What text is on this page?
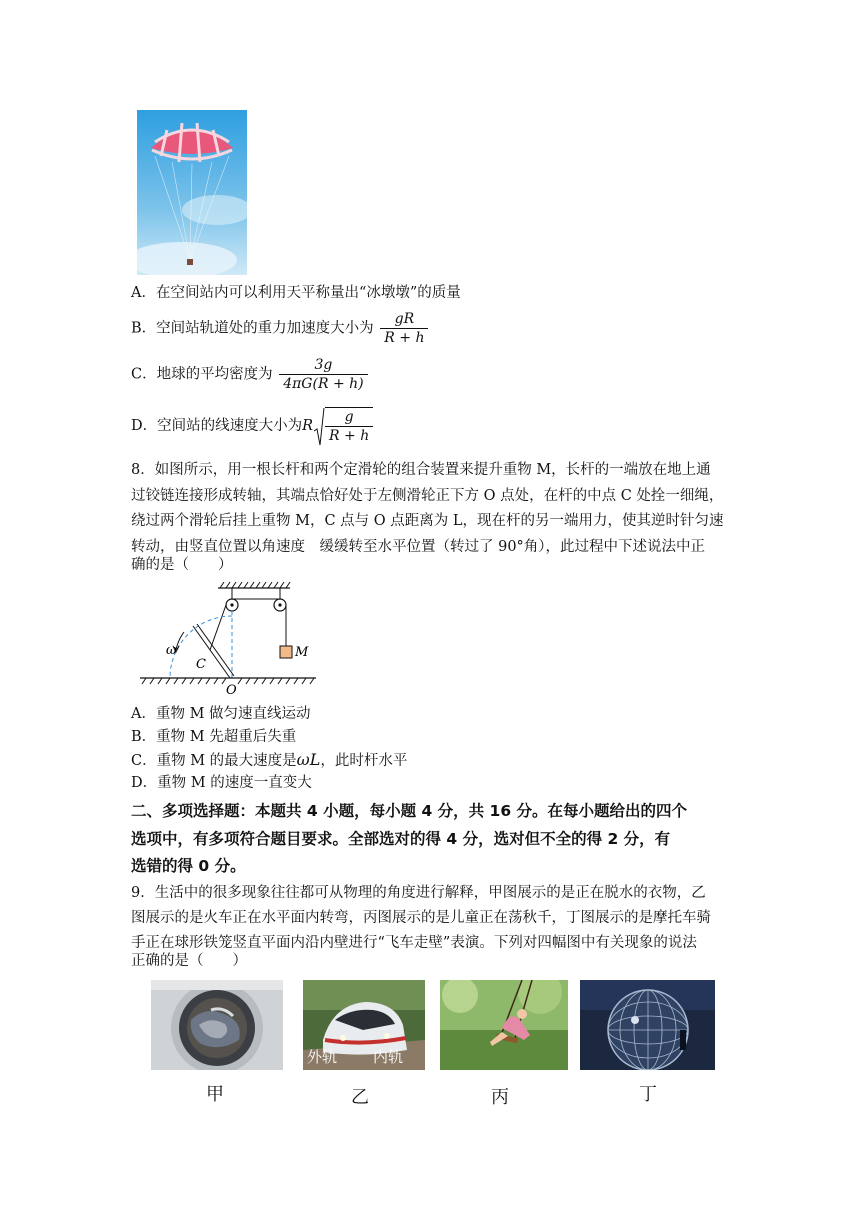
A．在空间站内可以利用天平称量出“冰墩墩”的质量
B．空间站轨道处的重力加速度大小为 $\frac{gR}{R + h}$
C．地球的平均密度为 $\frac{3g}{4\pi G(R + h)}$
D．空间站的线速度大小为R $\frac{g}{R + h}$
8．如图所示，用一根长杆和两个定滑轮的组合装置来提升重物 M，长杆的一端放在地上通
过铰链连接形成转轴，其端点恰好处于左侧滑轮正下方 O 点处，在杆的中点 C 处拴一细绳，
绕过两个滑轮后挂上重物 M，C 点与 O 点距离为 L，现在杆的另一端用力，使其逆时针匀速
转动，由竖直位置以角速度　缓缓转至水平位置（转过了 90°角），此过程中下述说法中正
确的是（　　）
ω
C
O
M
A．重物 M 做匀速直线运动
B．重物 M 先超重后失重
C．重物 M 的最大速度是ωL，此时杆水平
D．重物 M 的速度一直变大
二、多项选择题：本题共 4 小题，每小题 4 分，共 16 分。在每小题给出的四个
选项中，有多项符合题目要求。全部选对的得 4 分，选对但不全的得 2 分，有
选错的得 0 分。
9．生活中的很多现象往往都可从物理的角度进行解释，甲图展示的是正在脱水的衣物，乙
图展示的是火车正在水平面内转弯，丙图展示的是儿童正在荡秋千，丁图展示的是摩托车骑
手正在球形铁笼竖直平面内沿内壁进行“飞车走壁”表演。下列对四幅图中有关现象的说法
正确的是（　　）
外轨 内轨
甲	乙	丙	丁
